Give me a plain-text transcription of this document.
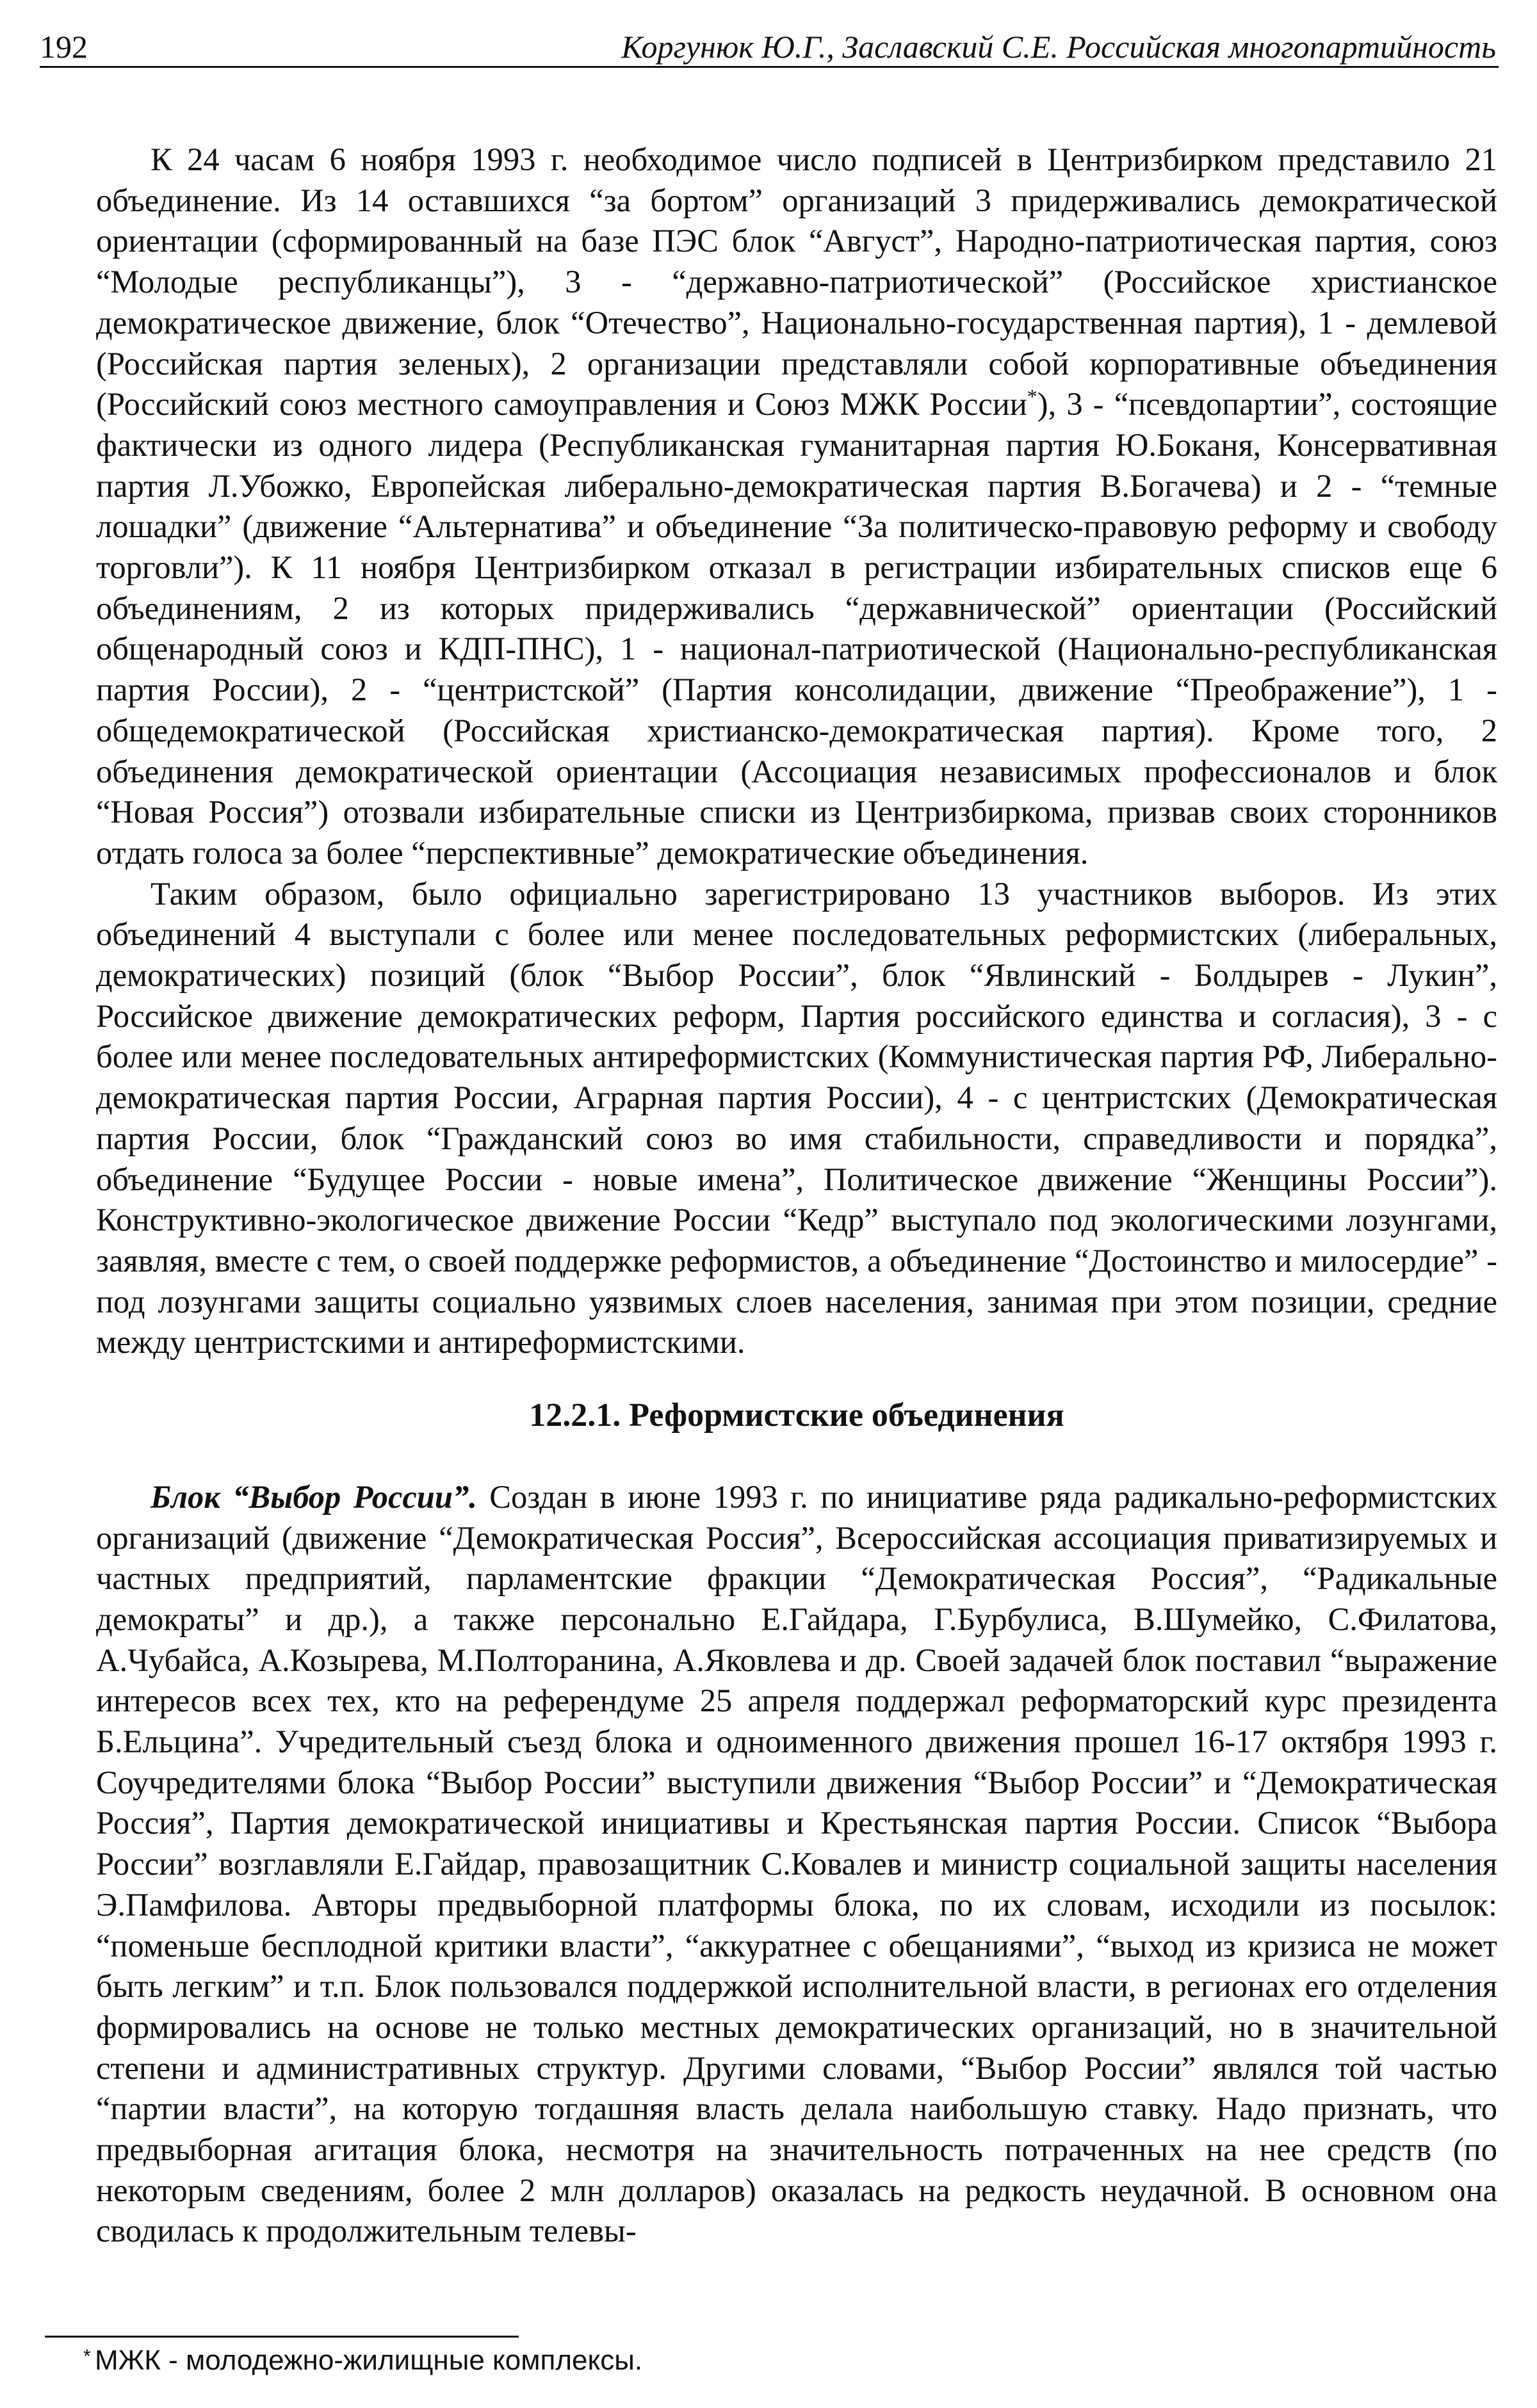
192	Коргунюк Ю.Г., Заславский С.Е. Российская многопартийность

К 24 часам 6 ноября 1993 г. необходимое число подписей в Центризбирком представило 21 объединение. Из 14 оставшихся “за бортом” организаций 3 придерживались демократической ориентации (сформированный на базе ПЭС блок “Август”, Народно-патриотическая партия, союз “Молодые республиканцы”), 3 - “державно-патриотической” (Российское христианское демократическое движение, блок “Отечество”, Национально-государственная партия), 1 - демлевой (Российская партия зеленых), 2 организации представляли собой корпоративные объединения (Российский союз местного самоуправления и Союз МЖК России*), 3 - “псевдопартии”, состоящие фактически из одного лидера (Республиканская гуманитарная партия Ю.Боканя, Консервативная партия Л.Убожко, Европейская либерально-демократическая партия В.Богачева) и 2 - “темные лошадки” (движение “Альтернатива” и объединение “За политическо-правовую реформу и свободу торговли”). К 11 ноября Центризбирком отказал в регистрации избирательных списков еще 6 объединениям, 2 из которых придерживались “державнической” ориентации (Российский общенародный союз и КДП-ПНС), 1 - национал-патриотической (Национально-республиканская партия России), 2 - “центристской” (Партия консолидации, движение “Преображение”), 1 - общедемократической (Российская христианско-демократическая партия). Кроме того, 2 объединения демократической ориентации (Ассоциация независимых профессионалов и блок “Новая Россия”) отозвали избирательные списки из Центризбиркома, призвав своих сторонников отдать голоса за более “перспективные” демократические объединения.

Таким образом, было официально зарегистрировано 13 участников выборов. Из этих объединений 4 выступали с более или менее последовательных реформистских (либеральных, демократических) позиций (блок “Выбор России”, блок “Явлинский - Болдырев - Лукин”, Российское движение демократических реформ, Партия российского единства и согласия), 3 - с более или менее последовательных антиреформистских (Коммунистическая партия РФ, Либерально-демократическая партия России, Аграрная партия России), 4 - с центристских (Демократическая партия России, блок “Гражданский союз во имя стабильности, справедливости и порядка”, объединение “Будущее России - новые имена”, Политическое движение “Женщины России”). Конструктивно-экологическое движение России “Кедр” выступало под экологическими лозунгами, заявляя, вместе с тем, о своей поддержке реформистов, а объединение “Достоинство и милосердие” - под лозунгами защиты социально уязвимых слоев населения, занимая при этом позиции, средние между центристскими и антиреформистскими.

12.2.1. Реформистские объединения

Блок “Выбор России”. Создан в июне 1993 г. по инициативе ряда радикально-реформистских организаций (движение “Демократическая Россия”, Всероссийская ассоциация приватизируемых и частных предприятий, парламентские фракции “Демократическая Россия”, “Радикальные демократы” и др.), а также персонально Е.Гайдара, Г.Бурбулиса, В.Шумейко, С.Филатова, А.Чубайса, А.Козырева, М.Полторанина, А.Яковлева и др. Своей задачей блок поставил “выражение интересов всех тех, кто на референдуме 25 апреля поддержал реформаторский курс президента Б.Ельцина”. Учредительный съезд блока и одноименного движения прошел 16-17 октября 1993 г. Соучредителями блока “Выбор России” выступили движения “Выбор России” и “Демократическая Россия”, Партия демократической инициативы и Крестьянская партия России. Список “Выбора России” возглавляли Е.Гайдар, правозащитник С.Ковалев и министр социальной защиты населения Э.Памфилова. Авторы предвыборной платформы блока, по их словам, исходили из посылок: “поменьше бесплодной критики власти”, “аккуратнее с обещаниями”, “выход из кризиса не может быть легким” и т.п. Блок пользовался поддержкой исполнительной власти, в регионах его отделения формировались на основе не только местных демократических организаций, но в значительной степени и административных структур. Другими словами, “Выбор России” являлся той частью “партии власти”, на которую тогдашняя власть делала наибольшую ставку. Надо признать, что предвыборная агитация блока, несмотря на значительность потраченных на нее средств (по некоторым сведениям, более 2 млн долларов) оказалась на редкость неудачной. В основном она сводилась к продолжительным телевы-

* МЖК - молодежно-жилищные комплексы.
